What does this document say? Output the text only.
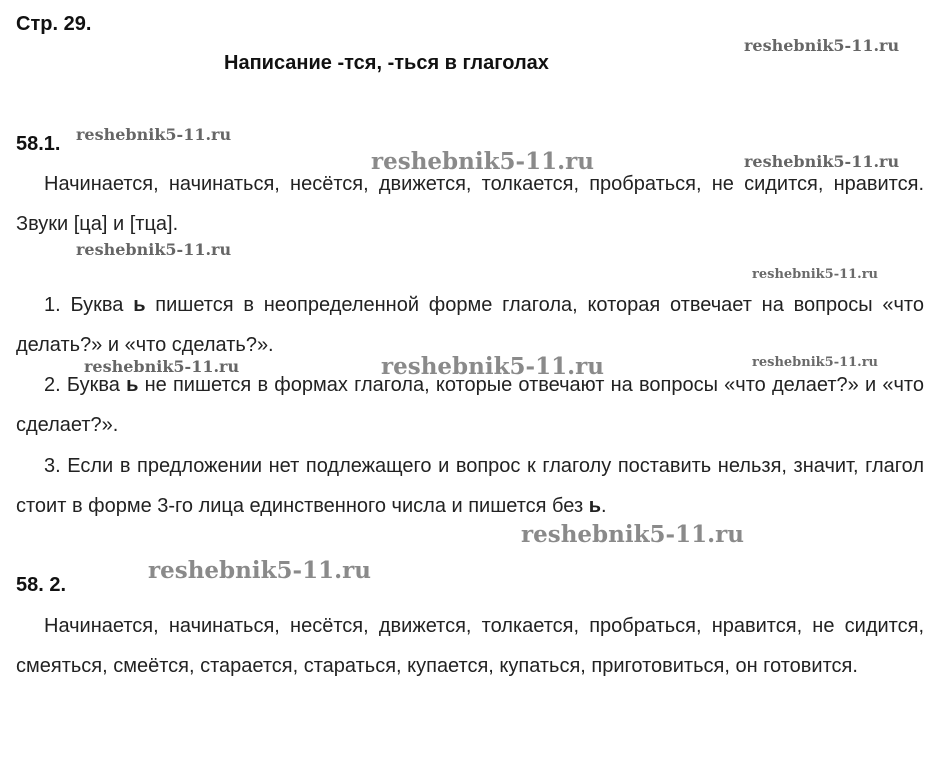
Стр. 29.
Написание -тся, -ться в глаголах
58.1.
Начинается, начинаться, несётся, движется, толкается, пробраться, не сидится, нравится. Звуки [ца] и [тца].
1. Буква ь пишется в неопределенной форме глагола, которая отвечает на вопросы «что делать?» и «что сделать?».
2. Буква ь не пишется в формах глагола, которые отвечают на вопросы «что делает?» и «что сделает?».
3. Если в предложении нет подлежащего и вопрос к глаголу поставить нельзя, значит, глагол стоит в форме 3-го лица единственного числа и пишется без ь.
58. 2.
Начинается, начинаться, несётся, движется, толкается, пробраться, нравится, не сидится, смеяться, смеётся, старается, стараться, купается, купаться, приготовиться, он готовится.
reshebnik5-11.ru
reshebnik5-11.ru
reshebnik5-11.ru	reshebnik5-11.ru
reshebnik5-11.ru
reshebnik5-11.ru
reshebnik5-11.ru	reshebnik5-11.ru	reshebnik5-11.ru
reshebnik5-11.ru
reshebnik5-11.ru
